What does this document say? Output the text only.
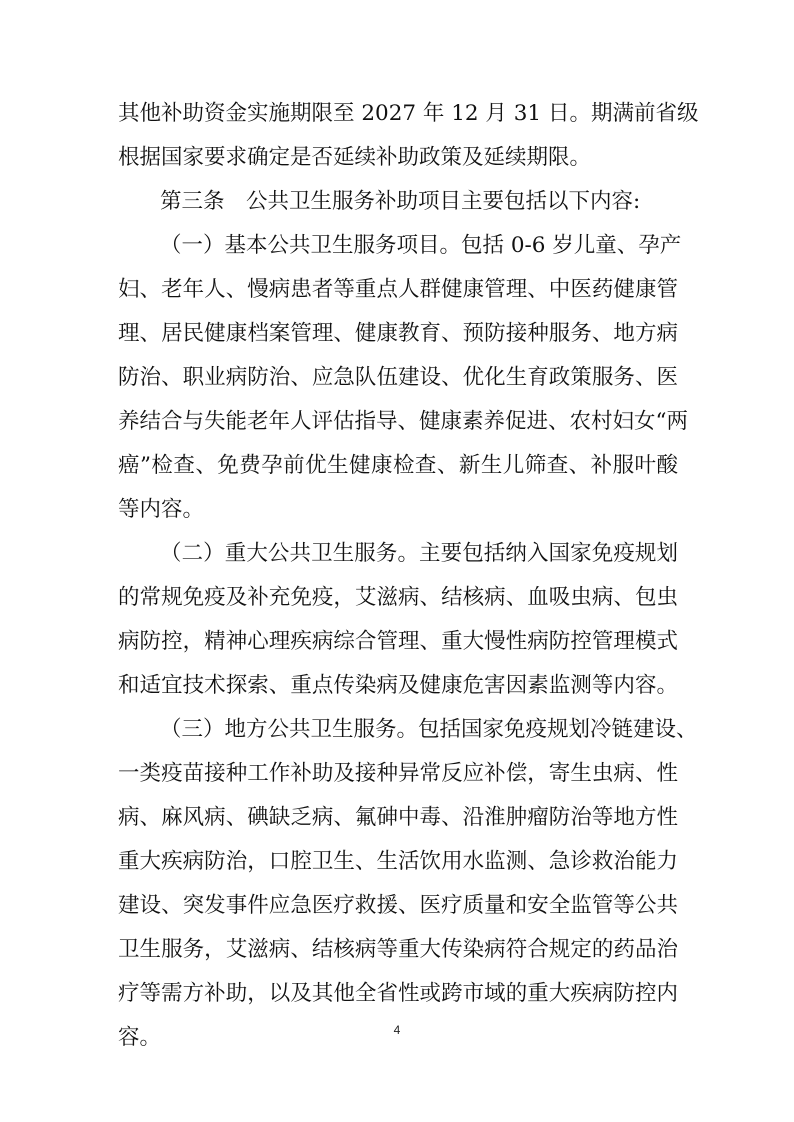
其他补助资金实施期限至 2027 年 12 月 31 日。期满前省级
根据国家要求确定是否延续补助政策及延续期限。
第三条　公共卫生服务补助项目主要包括以下内容:
（一）基本公共卫生服务项目。包括 0-6 岁儿童、孕产
妇、老年人、慢病患者等重点人群健康管理、中医药健康管
理、居民健康档案管理、健康教育、预防接种服务、地方病
防治、职业病防治、应急队伍建设、优化生育政策服务、医
养结合与失能老年人评估指导、健康素养促进、农村妇女“两
癌”检查、免费孕前优生健康检查、新生儿筛查、补服叶酸
等内容。
（二）重大公共卫生服务。主要包括纳入国家免疫规划
的常规免疫及补充免疫，艾滋病、结核病、血吸虫病、包虫
病防控，精神心理疾病综合管理、重大慢性病防控管理模式
和适宜技术探索、重点传染病及健康危害因素监测等内容。
（三）地方公共卫生服务。包括国家免疫规划冷链建设、
一类疫苗接种工作补助及接种异常反应补偿，寄生虫病、性
病、麻风病、碘缺乏病、氟砷中毒、沿淮肿瘤防治等地方性
重大疾病防治，口腔卫生、生活饮用水监测、急诊救治能力
建设、突发事件应急医疗救援、医疗质量和安全监管等公共
卫生服务，艾滋病、结核病等重大传染病符合规定的药品治
疗等需方补助，以及其他全省性或跨市域的重大疾病防控内
容。	4
